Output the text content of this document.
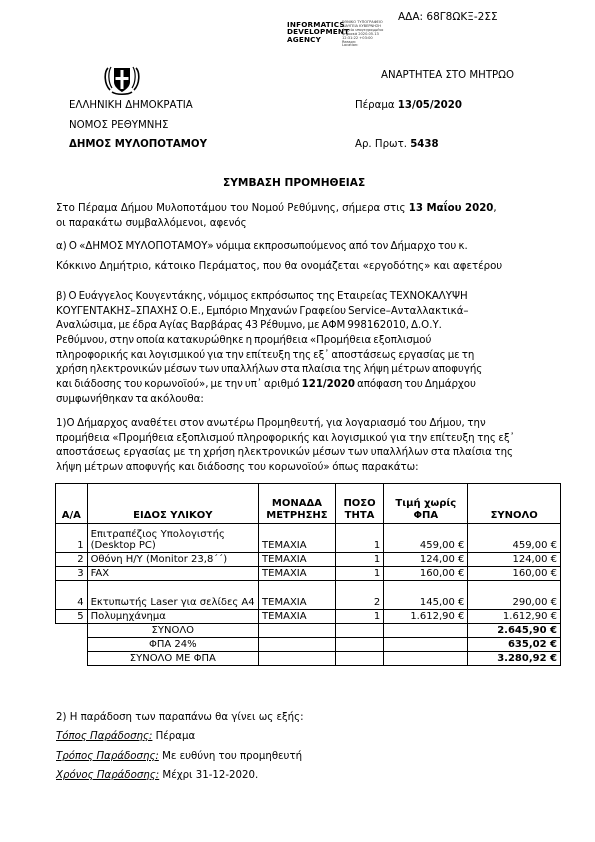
ΑΔΑ: 68Γ8ΩΚΞ-2ΣΣ
INFORMATICS
DEVELOPMENT
AGENCY
ΕΘΝΙΚΟ ΤΥΠΟΓΡΑΦΕΙΟ
ΔΙΑΥΓΕΙΑ ΚΥΒΕΡΝΗΣΗ
Αρχείο υπογεγραμμένο
ψηφιακά 2020.05.13
12:31:22 +03:00
Reason:
Location:
ΑΝΑΡΤΗΤΕΑ ΣΤΟ ΜΗΤΡΩΟ
ΕΛΛΗΝΙΚΗ ΔΗΜΟΚΡΑΤΙΑ
ΝΟΜΟΣ ΡΕΘΥΜΝΗΣ
ΔΗΜΟΣ ΜΥΛΟΠΟΤΑΜΟΥ
Πέραμα 13/05/2020
Αρ. Πρωτ. 5438
ΣΥΜΒΑΣΗ ΠΡΟΜΗΘΕΙΑΣ
Στο Πέραμα Δήμου Μυλοποτάμου του Νομού Ρεθύμνης, σήμερα στις 13 Μαΐου 2020,
οι παρακάτω συμβαλλόμενοι, αφενός
α) Ο «ΔΗΜΟΣ ΜΥΛΟΠΟΤΑΜΟΥ» νόμιμα εκπροσωπούμενος από τον Δήμαρχο του κ.
Κόκκινο Δημήτριο, κάτοικο Περάματος, που θα ονομάζεται «εργοδότης» και αφετέρου
β) Ο Ευάγγελος Κουγεντάκης, νόμιμος εκπρόσωπος της Εταιρείας ΤΕΧΝΟΚΑΛΥΨΗ
ΚΟΥΓΕΝΤΑΚΗΣ–ΣΠΑΧΗΣ Ο.Ε., Εμπόριο Μηχανών Γραφείου Service–Ανταλλακτικά–
Αναλώσιμα, με έδρα Αγίας Βαρβάρας 43 Ρέθυμνο, με ΑΦΜ 998162010, Δ.Ο.Υ.
Ρεθύμνου, στην οποία κατακυρώθηκε η προμήθεια «Προμήθεια εξοπλισμού
πληροφορικής και λογισμικού για την επίτευξη της εξ᾽ αποστάσεως εργασίας με τη
χρήση ηλεκτρονικών μέσων των υπαλλήλων στα πλαίσια της λήψη μέτρων αποφυγής
και διάδοσης του κορωνοϊού», με την υπ᾽ αριθμό 121/2020 απόφαση του Δημάρχου
συμφωνήθηκαν τα ακόλουθα:
1)Ο Δήμαρχος αναθέτει στον ανωτέρω Προμηθευτή, για λογαριασμό του Δήμου, την
προμήθεια «Προμήθεια εξοπλισμού πληροφορικής και λογισμικού για την επίτευξη της εξ᾽
αποστάσεως εργασίας με τη χρήση ηλεκτρονικών μέσων των υπαλλήλων στα πλαίσια της
λήψη μέτρων αποφυγής και διάδοσης του κορωνοϊού» όπως παρακάτω:
Α/Α	ΕΙΔΟΣ ΥΛΙΚΟΥ	ΜΟΝΑΔΑ ΜΕΤΡΗΣΗΣ	ΠΟΣΟ ΤΗΤΑ	Τιμή χωρίς ΦΠΑ	ΣΥΝΟΛΟ
1	Επιτραπέζιος Υπολογιστής (Desktop PC)	ΤΕΜΑΧΙΑ	1	459,00 €	459,00 €
2	Οθόνη Η/Υ (Monitor 23,8΄΄)	ΤΕΜΑΧΙΑ	1	124,00 €	124,00 €
3	FAX	ΤΕΜΑΧΙΑ	1	160,00 €	160,00 €
4	Εκτυπωτής Laser για σελίδες Α4	ΤΕΜΑΧΙΑ	2	145,00 €	290,00 €
5	Πολυμηχάνημα	ΤΕΜΑΧΙΑ	1	1.612,90 €	1.612,90 €
	ΣΥΝΟΛΟ				2.645,90 €
	ΦΠΑ 24%				635,02 €
	ΣΥΝΟΛΟ ΜΕ ΦΠΑ				3.280,92 €
2) Η παράδοση των παραπάνω θα γίνει ως εξής:
Τόπος Παράδοσης: Πέραμα
Τρόπος Παράδοσης: Με ευθύνη του προμηθευτή
Χρόνος Παράδοσης: Μέχρι 31-12-2020.
